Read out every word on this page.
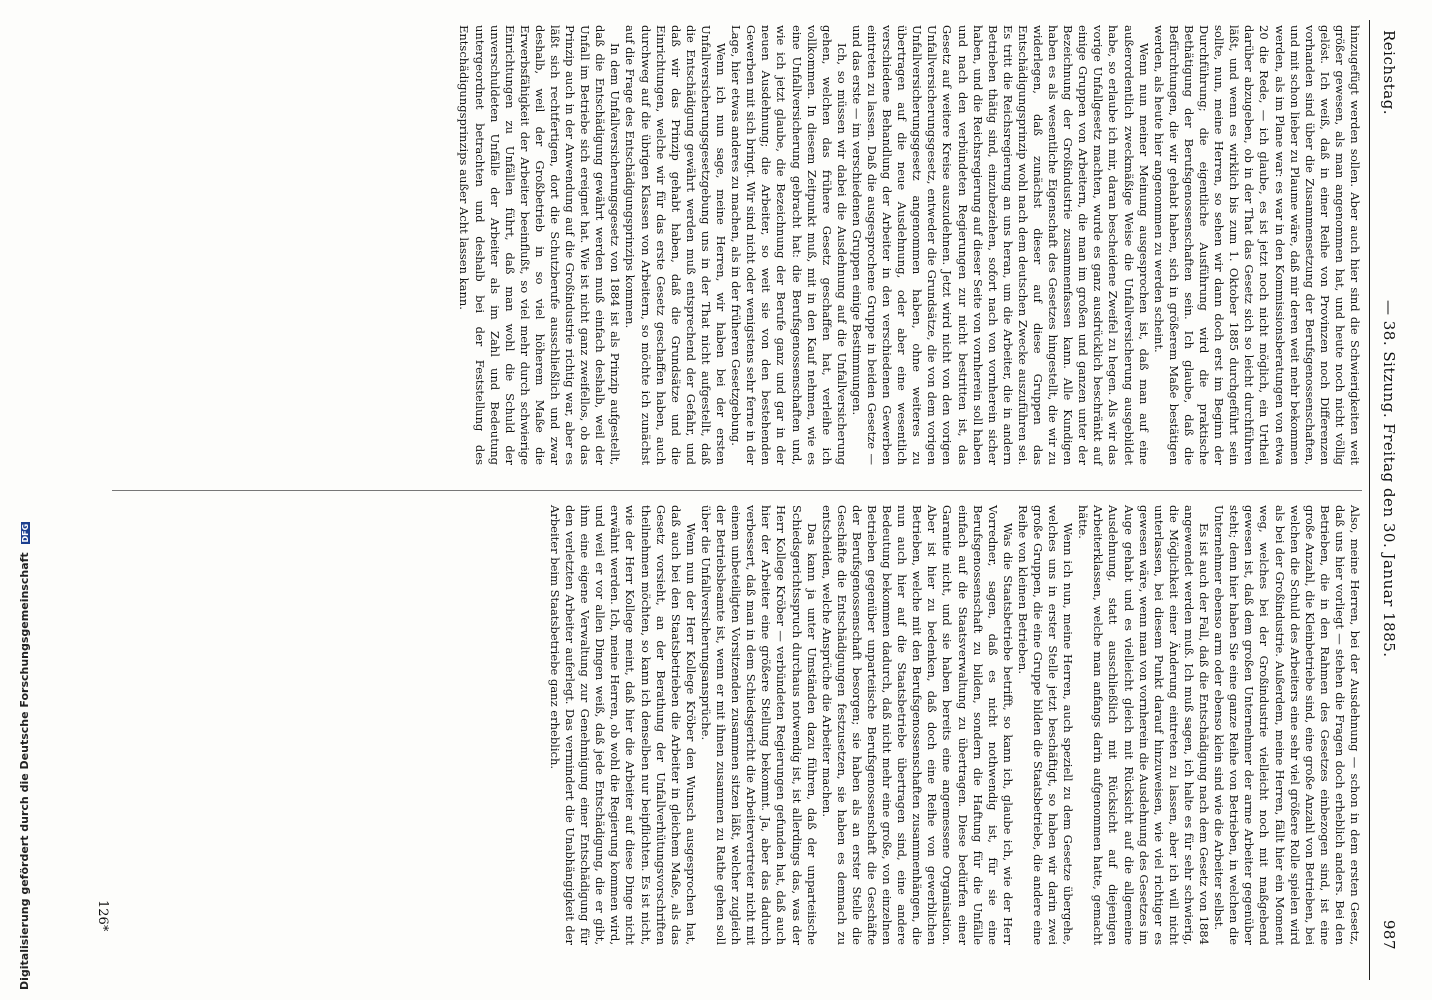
Digitalisierung gefördert durch die Deutsche Forschungsgemeinschaft DFG
Reichstag.
— 38. Sitzung. Freitag den 30. Januar 1885.
987

hinzugefügt werden sollen. Aber auch hier sind die Schwierigkeiten weit größer gewesen, als man angenommen hat, und heute noch nicht völlig gelöst. Ich weiß, daß in einer Reihe von Provinzen noch Differenzen vorhanden sind über die Zusammensetzung der Berufsgenossenschaften, und mit schon lieber zu Plaume wäre, daß mir deren weit mehr bekommen werden, als im Plane war: es war in den Kommissionsberatungen von etwa 20 die Rede, — ich glaube, es ist jetzt noch nicht möglich, ein Urtheil darüber abzugeben, ob in der That das Gesetz sich so leicht durchführen läßt, und wenn es wirklich bis zum 1. Oktober 1885 durchgeführt sein sollte, nun, meine Herren, so sehen wir dann doch erst im Beginn der Durchführung; die eigentliche Ausführung wird die praktische Bethätigung der Berufsgenossenschaften sein. Ich glaube, daß die Befürchtungen, die wir gehabt haben, sich in größerem Maße bestätigen werden, als heute hier angenommen zu werden scheint.

Wenn nun meiner Meinung ausgesprochen ist, daß man auf eine außerordentlich zweckmäßige Weise die Unfallversicherung ausgebildet habe, so erlaube ich mir, daran bescheidene Zweifel zu hegen. Als wir das vorige Unfallgesetz machten, wurde es ganz ausdrücklich beschränkt auf einige Gruppen von Arbeitern, die man im großen und ganzen unter der Bezeichnung der Großindustrie zusammenfassen kann. Alle Kundigen haben es als wesentliche Eigenschaft des Gesetzes hingestellt, die wir zu widerlegen, daß zunächst dieser auf diese Gruppen das Entschädigungsprinzip wohl nach dem deutschen Zwecke auszuführen sei. Es tritt die Reichsregierung an uns heran, um die Arbeiter, die in andern Betrieben thätig sind, einzubeziehen, sofort nach von vornherein sicher haben, und die Reichsregierung auf dieser Seite von vornherein soll haben und nach den verbündeten Regierungen zur nicht bestritten ist, das Gesetz auf weitere Kreise auszudehnen. Jetzt wird nicht von den vorigen Unfallversicherungsgesetz, entweder die Grundsätze, die von dem vorigen Unfallversicherungsgesetz angenommen haben, ohne weiteres zu übertragen auf die neue Ausdehnung, oder aber eine wesentlich verschiedene Behandlung der Arbeiter in den verschiedenen Gewerben eintreten zu lassen. Daß die ausgesprochene Gruppe in beiden Gesetze — und das erste — im verschiedenen Gruppen einige Bestimmungen.

Ich, so müssen wir dabei die Ausdehnung auf die Unfallversicherung gehen, welchen das frühere Gesetz geschaffen hat, verleihe ich vollkommen. In diesem Zeitpunkt muß, mit in den Kauf nehmen, wie es eine Unfallversicherung gebracht hat: die Berufsgenossenschaften und, wie ich jetzt glaube, die Bezeichnung der Berufe ganz und gar in der neuen Ausdehnung; die Arbeiter, so weit sie von den bestehenden Gewerben mit sich bringt. Wir sind nicht oder wenigstens sehr ferne in der Lage, hier etwas anderes zu machen, als in der früheren Gesetzgebung.

Wenn ich nun sage, meine Herren, wir haben bei der ersten Unfallversicherungsgesetzgebung uns in der That nicht aufgestellt, daß die Entschädigung gewährt werden muß entsprechend der Gefahr, und daß wir das Prinzip gehabt haben, daß die Grundsätze und die Einrichtungen, welche wir für das erste Gesetz geschaffen haben, auch durchweg auf die übrigen Klassen von Arbeitern, so möchte ich zunächst auf die Frage des Entschädigungsprinzips kommen.

In dem Unfallversicherungsgesetz von 1884 ist als Prinzip aufgestellt, daß die Entschädigung gewährt werden muß einfach deshalb, weil der Unfall im Betriebe sich ereignet hat. Wie ist nicht ganz zweifellos, ob das Prinzip auch in der Anwendung auf die Großindustrie richtig war, aber es läßt sich rechtfertigen, dort die Schutzberufe ausschließlich und zwar deshalb, weil der Großbetrieb in so viel höherem Maße die Erwerbsfähigkeit der Arbeiter beeinflußt, so viel mehr durch schwierige Einrichtungen zu Unfällen führt, daß man wohl die Schuld der unverschuldeten Unfälle der Arbeiter als im Zahl und Bedeutung untergeordnet betrachten und deshalb bei der Feststellung des Entschädigungsprinzips außer Acht lassen kann.

Also, meine Herren, bei der Ausdehnung — schon in dem ersten Gesetz, daß uns hier vorliegt — stehen die Fragen doch erheblich anders. Bei den Betrieben, die in den Rahmen des Gesetzes einbezogen sind, ist eine große Anzahl, die Kleinbetriebe sind, eine große Anzahl von Betrieben, bei welchen die Schuld des Arbeiters eine sehr viel größere Rolle spielen wird als bei der Großindustrie. Außerdem, meine Herren, fällt hier ein Moment weg, welches bei der Großindustrie vielleicht noch mit maßgebend gewesen ist, daß dem großen Unternehmer der arme Arbeiter gegenüber steht; denn hier haben Sie eine ganze Reihe von Betrieben, in welchen die Unternehmer ebenso arm oder ebenso klein sind wie die Arbeiter selbst.

Es ist auch der Fall, daß die Entschädigung nach dem Gesetz von 1884 angewendet werden muß. Ich muß sagen, ich halte es für sehr schwierig, die Möglichkeit einer Änderung eintreten zu lassen, aber ich will nicht unterlassen, bei diesem Punkt darauf hinzuweisen, wie viel richtiger es gewesen wäre, wenn man von vornherein die Ausdehnung des Gesetzes im Auge gehabt und es vielleicht gleich mit Rücksicht auf die allgemeine Ausdehnung, statt ausschließlich mit Rücksicht auf diejenigen Arbeiterklassen, welche man anfangs darin aufgenommen hatte, gemacht hätte.

Wenn ich nun, meine Herren, auch speziell zu dem Gesetze übergehe, welches uns in erster Stelle jetzt beschäftigt, so haben wir darin zwei große Gruppen, die eine Gruppe bilden die Staatsbetriebe, die andere eine Reihe von kleinen Betrieben.

Was die Staatsbetriebe betrifft, so kann ich, glaube ich, wie der Herr Vorredner, sagen, daß es nicht nothwendig ist, für sie eine Berufsgenossenschaft zu bilden, sondern die Haftung für die Unfälle einfach auf die Staatsverwaltung zu übertragen. Diese bedürfen einer Garantie nicht, und sie haben bereits eine angemessene Organisation. Aber ist hier zu bedenken, daß doch eine Reihe von gewerblichen Betrieben, welche mit den Berufsgenossenschaften zusammenhängen, die nun auch hier auf die Staatsbetriebe übertragen sind, eine andere Bedeutung bekommen dadurch, daß nicht mehr eine große, von einzelnen Betrieben gegenüber unparteiische Berufsgenossenschaft die Geschäfte der Berufsgenossenschaft besorgen; sie haben als an erster Stelle die Geschäfte die Entschädigungen festzusetzen, sie haben es demnach zu entscheiden, welche Ansprüche die Arbeiter machen.

Das kann ja unter Umständen dazu führen, daß der unparteiische Schiedsgerichtsspruch durchaus notwendig ist, ist allerdings das, was der Herr Kollege Kröber — verbündeten Regierungen gefunden hat, daß auch hier der Arbeiter eine größere Stellung bekommt. Ja, aber das dadurch verbessert, daß man in dem Schiedsgericht die Arbeitervertreter nicht mit einem unbeteiligten Vorsitzenden zusammen sitzen läßt, welcher zugleich der Betriebsbeamte ist, wenn er mit ihnen zusammen zu Rathe gehen soll über die Unfallversicherungsansprüche.

Wenn nun der Herr Kollege Kröber den Wunsch ausgesprochen hat, daß auch bei den Staatsbetrieben die Arbeiter in gleichem Maße, als das Gesetz vorsieht, an der Berathung der Unfallverhütungsvorschriften theilnehmen möchten, so kann ich denselben nur beipflichten. Es ist nicht, wie der Herr Kollege meint, daß hier die Arbeiter auf diese Dinge nicht erwähnt werden. Ich, meine Herren, ob wohl die Regierung kommen wird, und weil er vor allen Dingen weiß, daß jede Entschädigung, die er gibt, ihm eine eigene Verwaltung zur Genehmigung einer Entschädigung für den verletzten Arbeiter auferlegt. Das vermindert die Unabhängigkeit der Arbeiter beim Staatsbetriebe ganz erheblich.

126*
